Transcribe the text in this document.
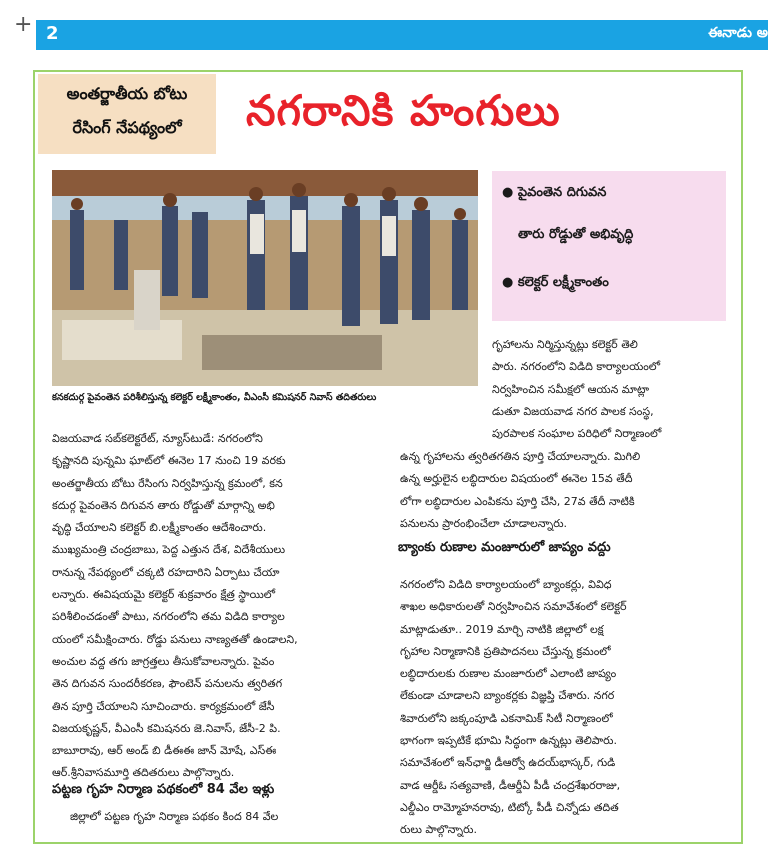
+ 2	ఈనాడు అ
అంతర్జాతీయ బోటు
రేసింగ్‌ నేపథ్యంలో	నగరానికి హంగులు
కనకదుర్గ పైవంతెన పరిశీలిస్తున్న కలెక్టర్‌ లక్ష్మీకాంతం, వీఎంసీ కమిషనర్‌ నివాస్‌ తదితరులు
● పైవంతెన దిగువన
తారు రోడ్డుతో అభివృద్ధి
● కలెక్టర్‌ లక్ష్మీకాంతం
గృహాలను నిర్మిస్తున్నట్లు కలెక్టర్‌ తెలి
పారు. నగరంలోని విడిది కార్యాలయంలో
నిర్వహించిన సమీక్షలో ఆయన మాట్లా
డుతూ విజయవాడ నగర పాలక సంస్థ,
పురపాలక సంఘాల పరిధిలో నిర్మాణంలో
ఉన్న గృహాలను త్వరితగతిన పూర్తి చేయాలన్నారు. మిగిలి
ఉన్న అర్హులైన లబ్ధిదారుల విషయంలో ఈనెల 15వ తేదీ
లోగా లబ్ధిదారుల ఎంపికను పూర్తి చేసి, 27వ తేదీ నాటికి
పనులను ప్రారంభించేలా చూడాలన్నారు.
విజయవాడ సబ్‌కలెక్టరేట్‌, న్యూస్‌టుడే: నగరంలోని
కృష్ణానది పున్నమి ఘాట్‌లో ఈనెల 17 నుంచి 19 వరకు
అంతర్జాతీయ బోటు రేసింగు నిర్వహిస్తున్న క్రమంలో, కన
కదుర్గ పైవంతెన దిగువన తారు రోడ్డుతో మార్గాన్ని అభి
వృద్ధి చేయాలని కలెక్టర్‌ బి.లక్ష్మీకాంతం ఆదేశించారు.
ముఖ్యమంత్రి చంద్రబాబు, పెద్ద ఎత్తున దేశ, విదేశీయులు
రానున్న నేపథ్యంలో చక్కటి రహదారిని ఏర్పాటు చేయా
లన్నారు. ఈవిషయమై కలెక్టర్‌ శుక్రవారం క్షేత్ర స్థాయిలో
పరిశీలించడంతో పాటు, నగరంలోని తమ విడిది కార్యాల
యంలో సమీక్షించారు. రోడ్డు పనులు నాణ్యతతో ఉండాలని,
అంచుల వద్ద తగు జాగ్రత్తలు తీసుకోవాలన్నారు. పైవం
తెన దిగువన సుందరీకరణ, ఫౌంటెన్‌ పనులను త్వరితగ
తిన పూర్తి చేయాలని సూచించారు. కార్యక్రమంలో జేసీ
విజయకృష్ణన్‌, వీఎంసీ కమిషనరు జె.నివాస్‌, జేసీ-2 పి.
బాబూరావు, ఆర్‌ అండ్‌ బి డీఈఈ జాన్‌ మోషే, ఎస్‌ఈ
ఆర్‌.శ్రీనివాసమూర్తి తదితరులు పాల్గొన్నారు.
బ్యాంకు రుణాల మంజూరులో జాప్యం వద్దు
నగరంలోని విడిది కార్యాలయంలో బ్యాంకర్లు, వివిధ
శాఖల అధికారులతో నిర్వహించిన సమావేశంలో కలెక్టర్‌
మాట్లాడుతూ.. 2019 మార్చి నాటికి జిల్లాలో లక్ష
గృహాల నిర్మాణానికి ప్రతిపాదనలు చేస్తున్న క్రమంలో
లబ్ధిదారులకు రుణాల మంజూరులో ఎలాంటి జాప్యం
లేకుండా చూడాలని బ్యాంకర్లకు విజ్ఞప్తి చేశారు. నగర
శివారులోని జక్కంపూడి ఎకనామిక్‌ సిటీ నిర్మాణంలో
భాగంగా ఇప్పటికే భూమి సిద్ధంగా ఉన్నట్లు తెలిపారు.
సమావేశంలో ఇన్‌ఛార్జి డీఆర్వో ఉదయ్‌భాస్కర్‌, గుడి
వాడ ఆర్డీఓ సత్యవాణి, డీఆర్డీఏ పీడీ చంద్రశేఖరరాజు,
ఎల్డీఎం రామ్మోహనరావు, టిట్కో పీడీ చిన్నోడు తదిత
రులు పాల్గొన్నారు.
పట్టణ గృహ నిర్మాణ పథకంలో 84 వేల ఇళ్లు
జిల్లాలో పట్టణ గృహ నిర్మాణ పథకం కింద 84 వేల
